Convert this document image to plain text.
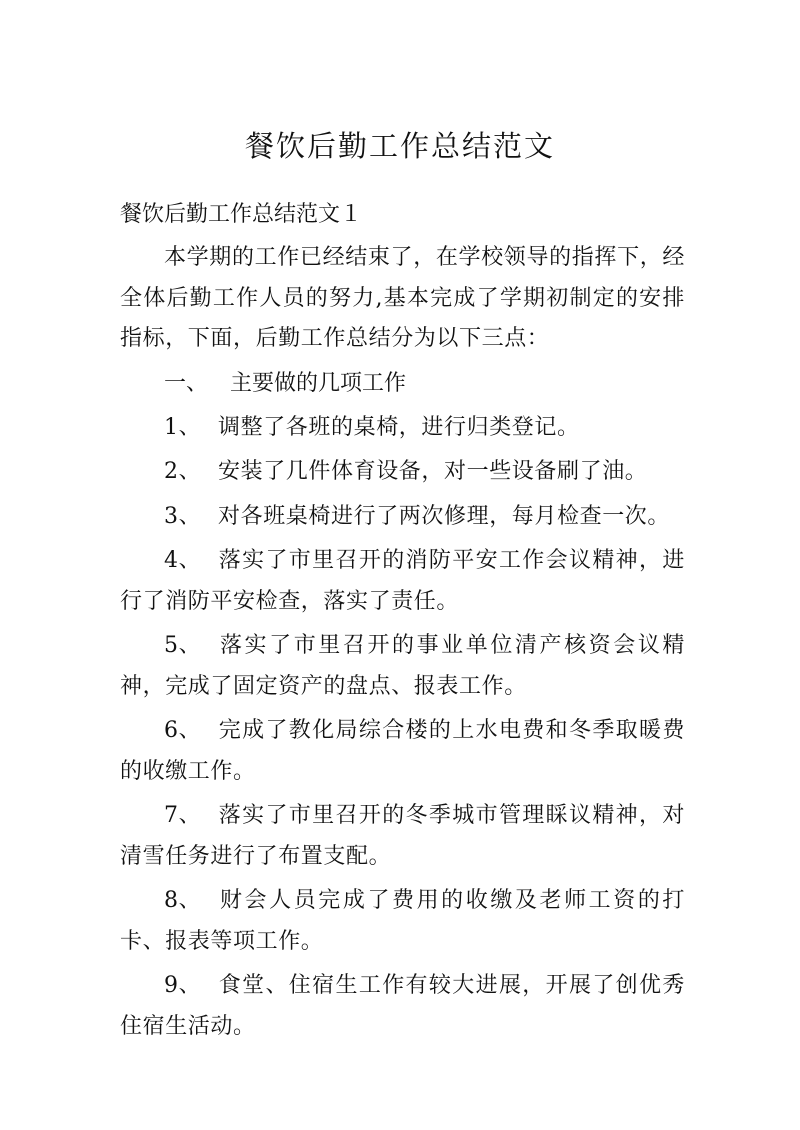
餐饮后勤工作总结范文

餐饮后勤工作总结范文１

本学期的工作已经结束了，在学校领导的指挥下，经全体后勤工作人员的努力,基本完成了学期初制定的安排指标，下面，后勤工作总结分为以下三点：

一、 主要做的几项工作

1、 调整了各班的桌椅，进行归类登记。

2、 安装了几件体育设备，对一些设备刷了油。

3、 对各班桌椅进行了两次修理，每月检查一次。

4、 落实了市里召开的消防平安工作会议精神，进行了消防平安检查，落实了责任。

5、 落实了市里召开的事业单位清产核资会议精神，完成了固定资产的盘点、报表工作。

6、 完成了教化局综合楼的上水电费和冬季取暖费的收缴工作。

7、 落实了市里召开的冬季城市管理睬议精神，对清雪任务进行了布置支配。

8、 财会人员完成了费用的收缴及老师工资的打卡、报表等项工作。

9、 食堂、住宿生工作有较大进展，开展了创优秀住宿生活动。
